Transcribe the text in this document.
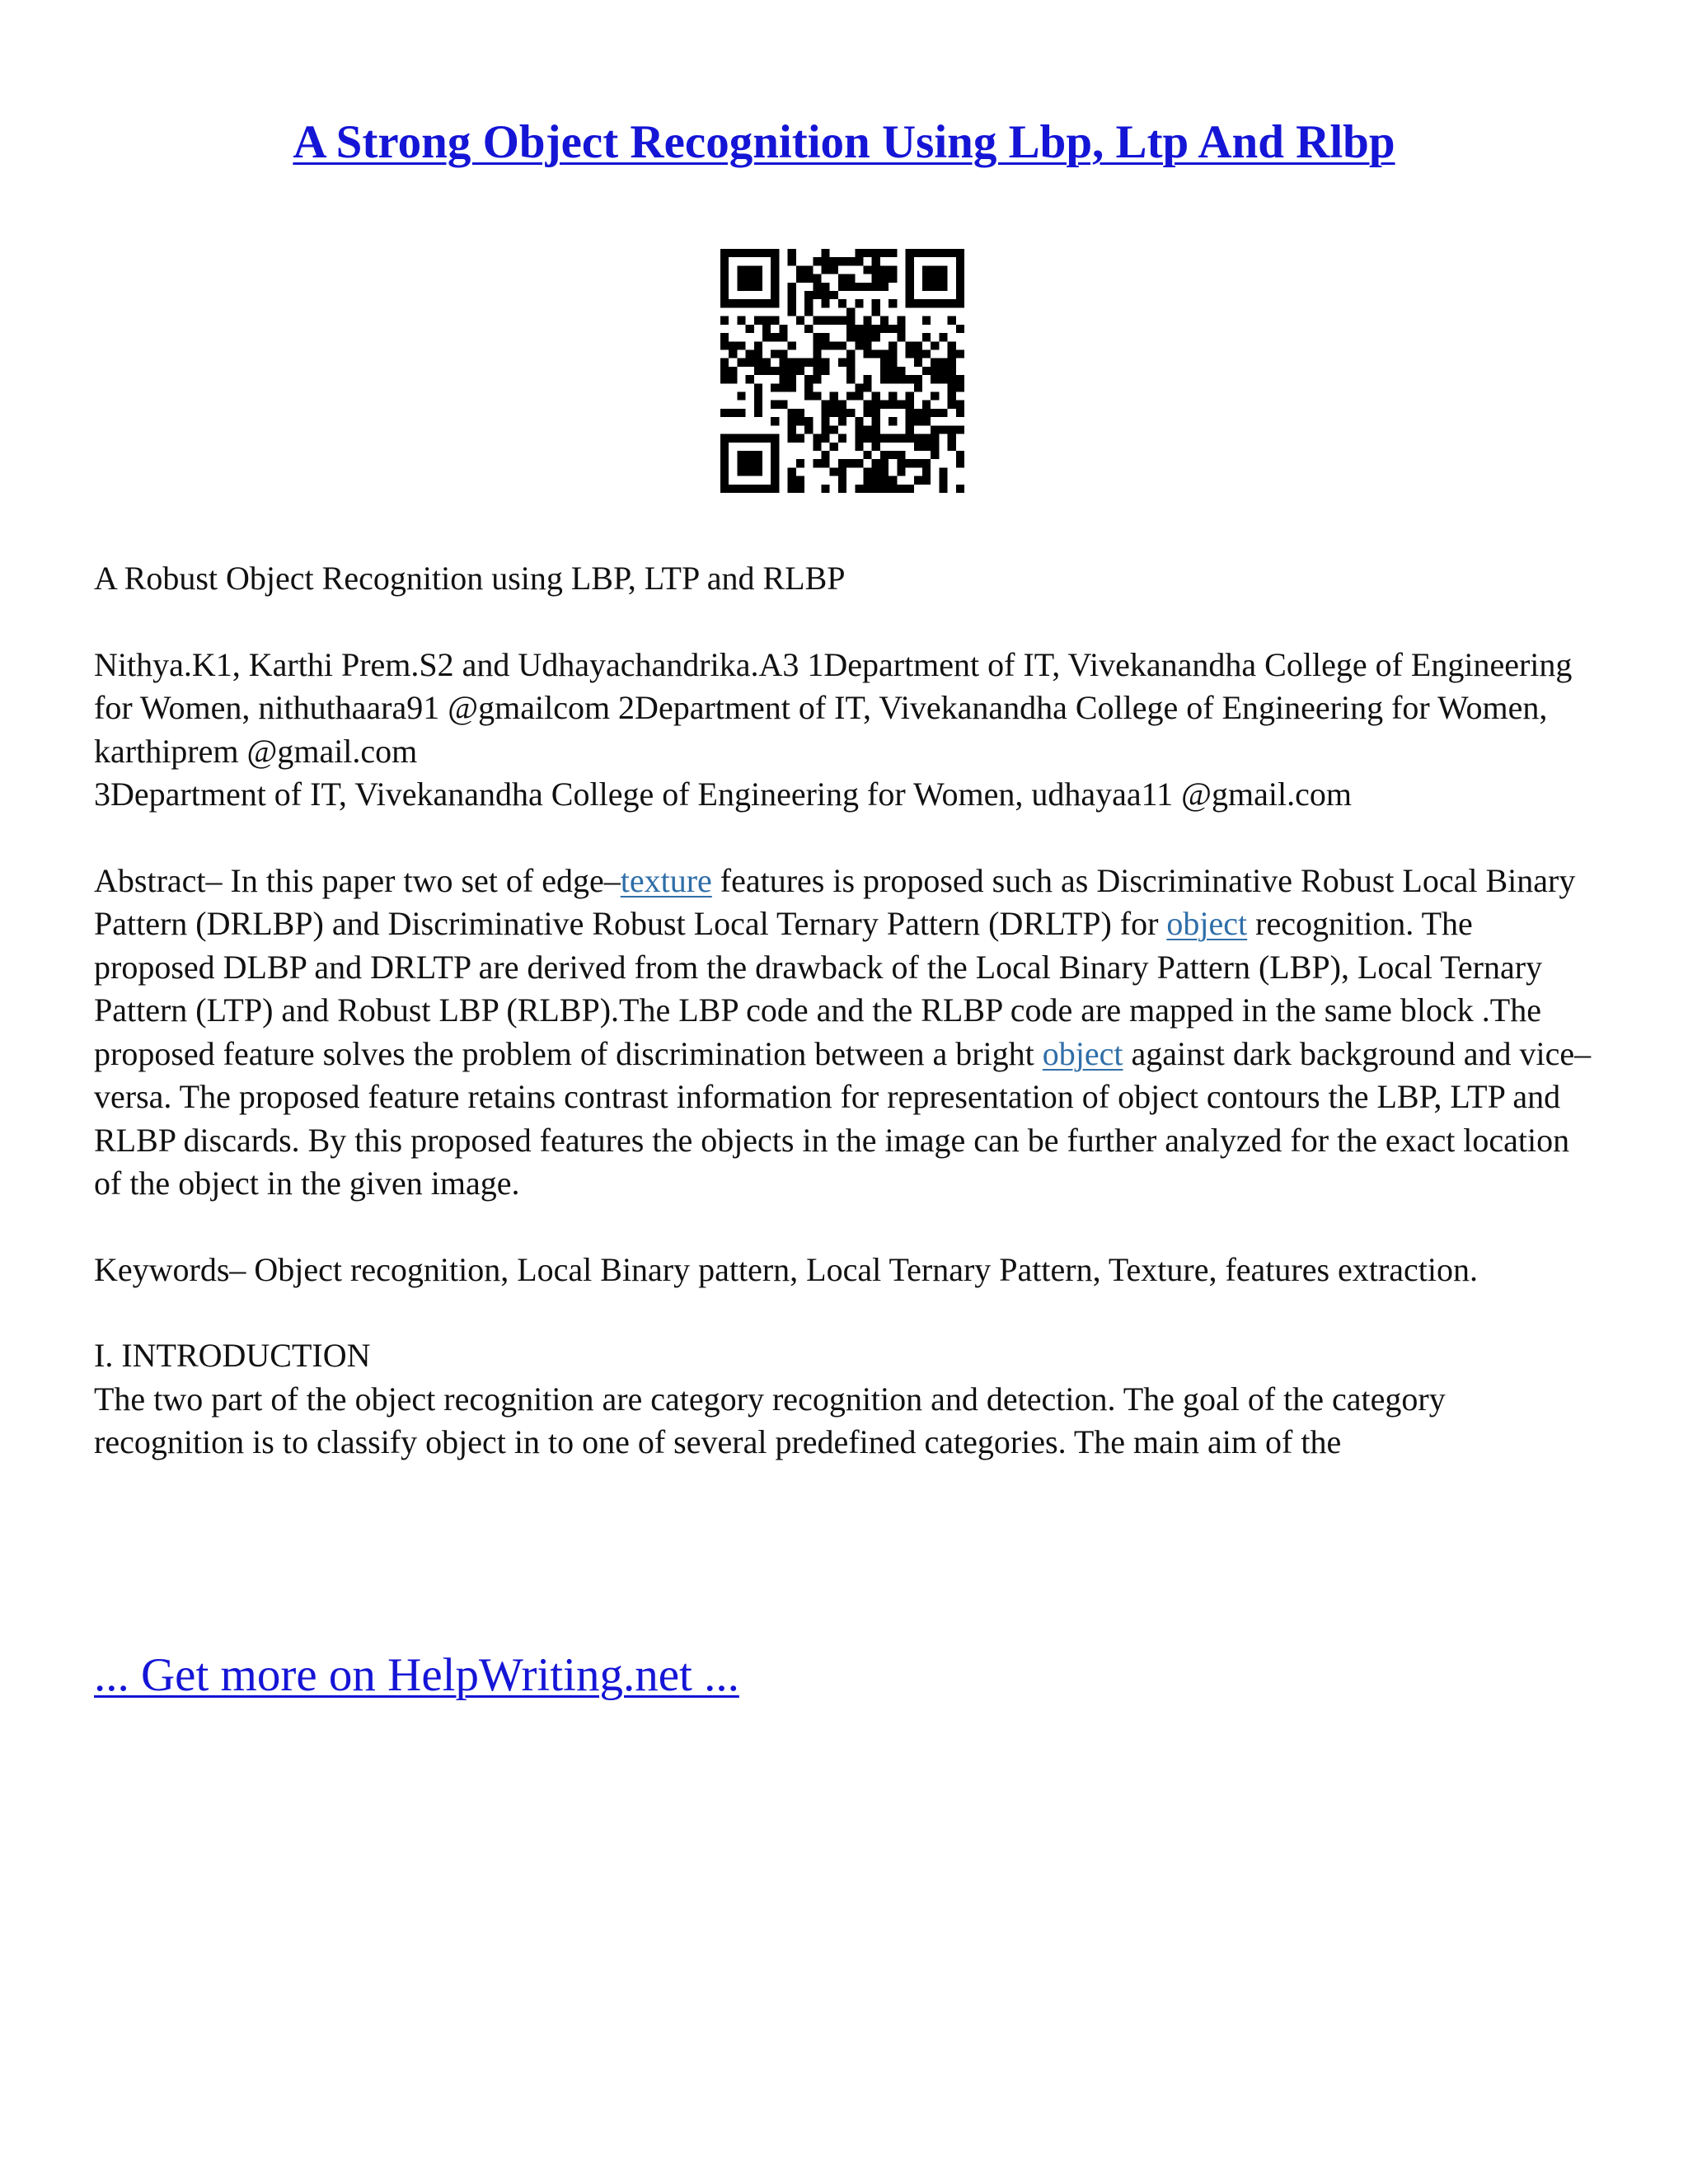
A Strong Object Recognition Using Lbp, Ltp And Rlbp

A Robust Object Recognition using LBP, LTP and RLBP

Nithya.K1, Karthi Prem.S2 and Udhayachandrika.A3 1Department of IT, Vivekanandha College of Engineering for Women, nithuthaara91 @gmailcom 2Department of IT, Vivekanandha College of Engineering for Women, karthiprem @gmail.com
3Department of IT, Vivekanandha College of Engineering for Women, udhayaa11 @gmail.com

Abstract– In this paper two set of edge–texture features is proposed such as Discriminative Robust Local Binary Pattern (DRLBP) and Discriminative Robust Local Ternary Pattern (DRLTP) for object recognition. The proposed DLBP and DRLTP are derived from the drawback of the Local Binary Pattern (LBP), Local Ternary Pattern (LTP) and Robust LBP (RLBP).The LBP code and the RLBP code are mapped in the same block .The proposed feature solves the problem of discrimination between a bright object against dark background and vice–versa. The proposed feature retains contrast information for representation of object contours the LBP, LTP and RLBP discards. By this proposed features the objects in the image can be further analyzed for the exact location of the object in the given image.

Keywords– Object recognition, Local Binary pattern, Local Ternary Pattern, Texture, features extraction.

I. INTRODUCTION
The two part of the object recognition are category recognition and detection. The goal of the category recognition is to classify object in to one of several predefined categories. The main aim of the

... Get more on HelpWriting.net ...
